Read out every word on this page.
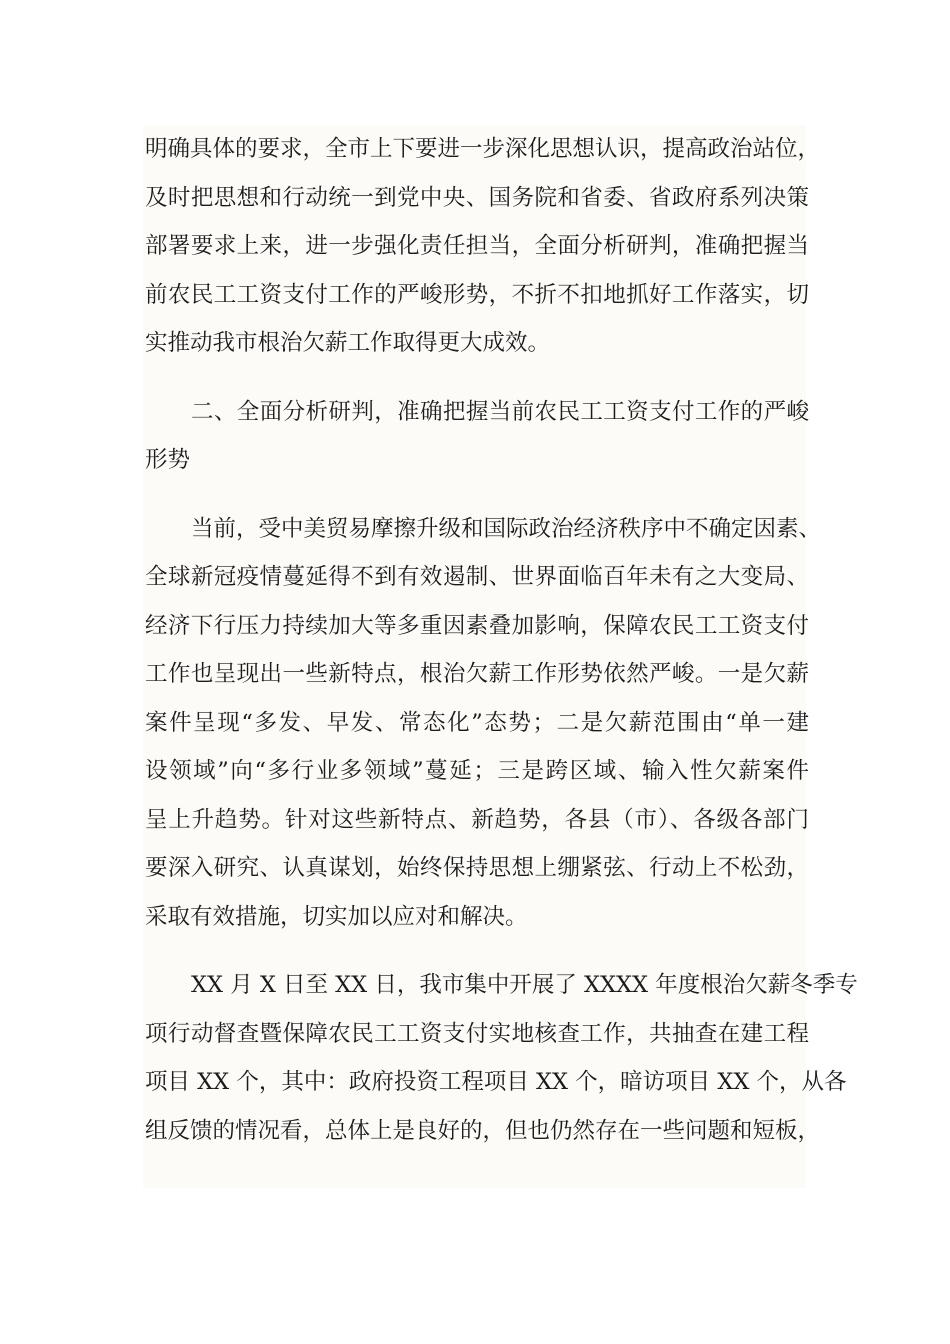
明确具体的要求，全市上下要进一步深化思想认识，提高政治站位，
及时把思想和行动统一到党中央、国务院和省委、省政府系列决策
部署要求上来，进一步强化责任担当，全面分析研判，准确把握当
前农民工工资支付工作的严峻形势，不折不扣地抓好工作落实，切
实推动我市根治欠薪工作取得更大成效。
二、全面分析研判，准确把握当前农民工工资支付工作的严峻
形势
当前，受中美贸易摩擦升级和国际政治经济秩序中不确定因素、
全球新冠疫情蔓延得不到有效遏制、世界面临百年未有之大变局、
经济下行压力持续加大等多重因素叠加影响，保障农民工工资支付
工作也呈现出一些新特点，根治欠薪工作形势依然严峻。一是欠薪
案件呈现“多发、早发、常态化”态势；二是欠薪范围由“单一建
设领域”向“多行业多领域”蔓延；三是跨区域、输入性欠薪案件
呈上升趋势。针对这些新特点、新趋势，各县（市）、各级各部门
要深入研究、认真谋划，始终保持思想上绷紧弦、行动上不松劲，
采取有效措施，切实加以应对和解决。
XX 月 X 日至 XX 日，我市集中开展了 XXXX 年度根治欠薪冬季专
项行动督查暨保障农民工工资支付实地核查工作，共抽查在建工程
项目 XX 个，其中：政府投资工程项目 XX 个，暗访项目 XX 个，从各
组反馈的情况看，总体上是良好的，但也仍然存在一些问题和短板，
